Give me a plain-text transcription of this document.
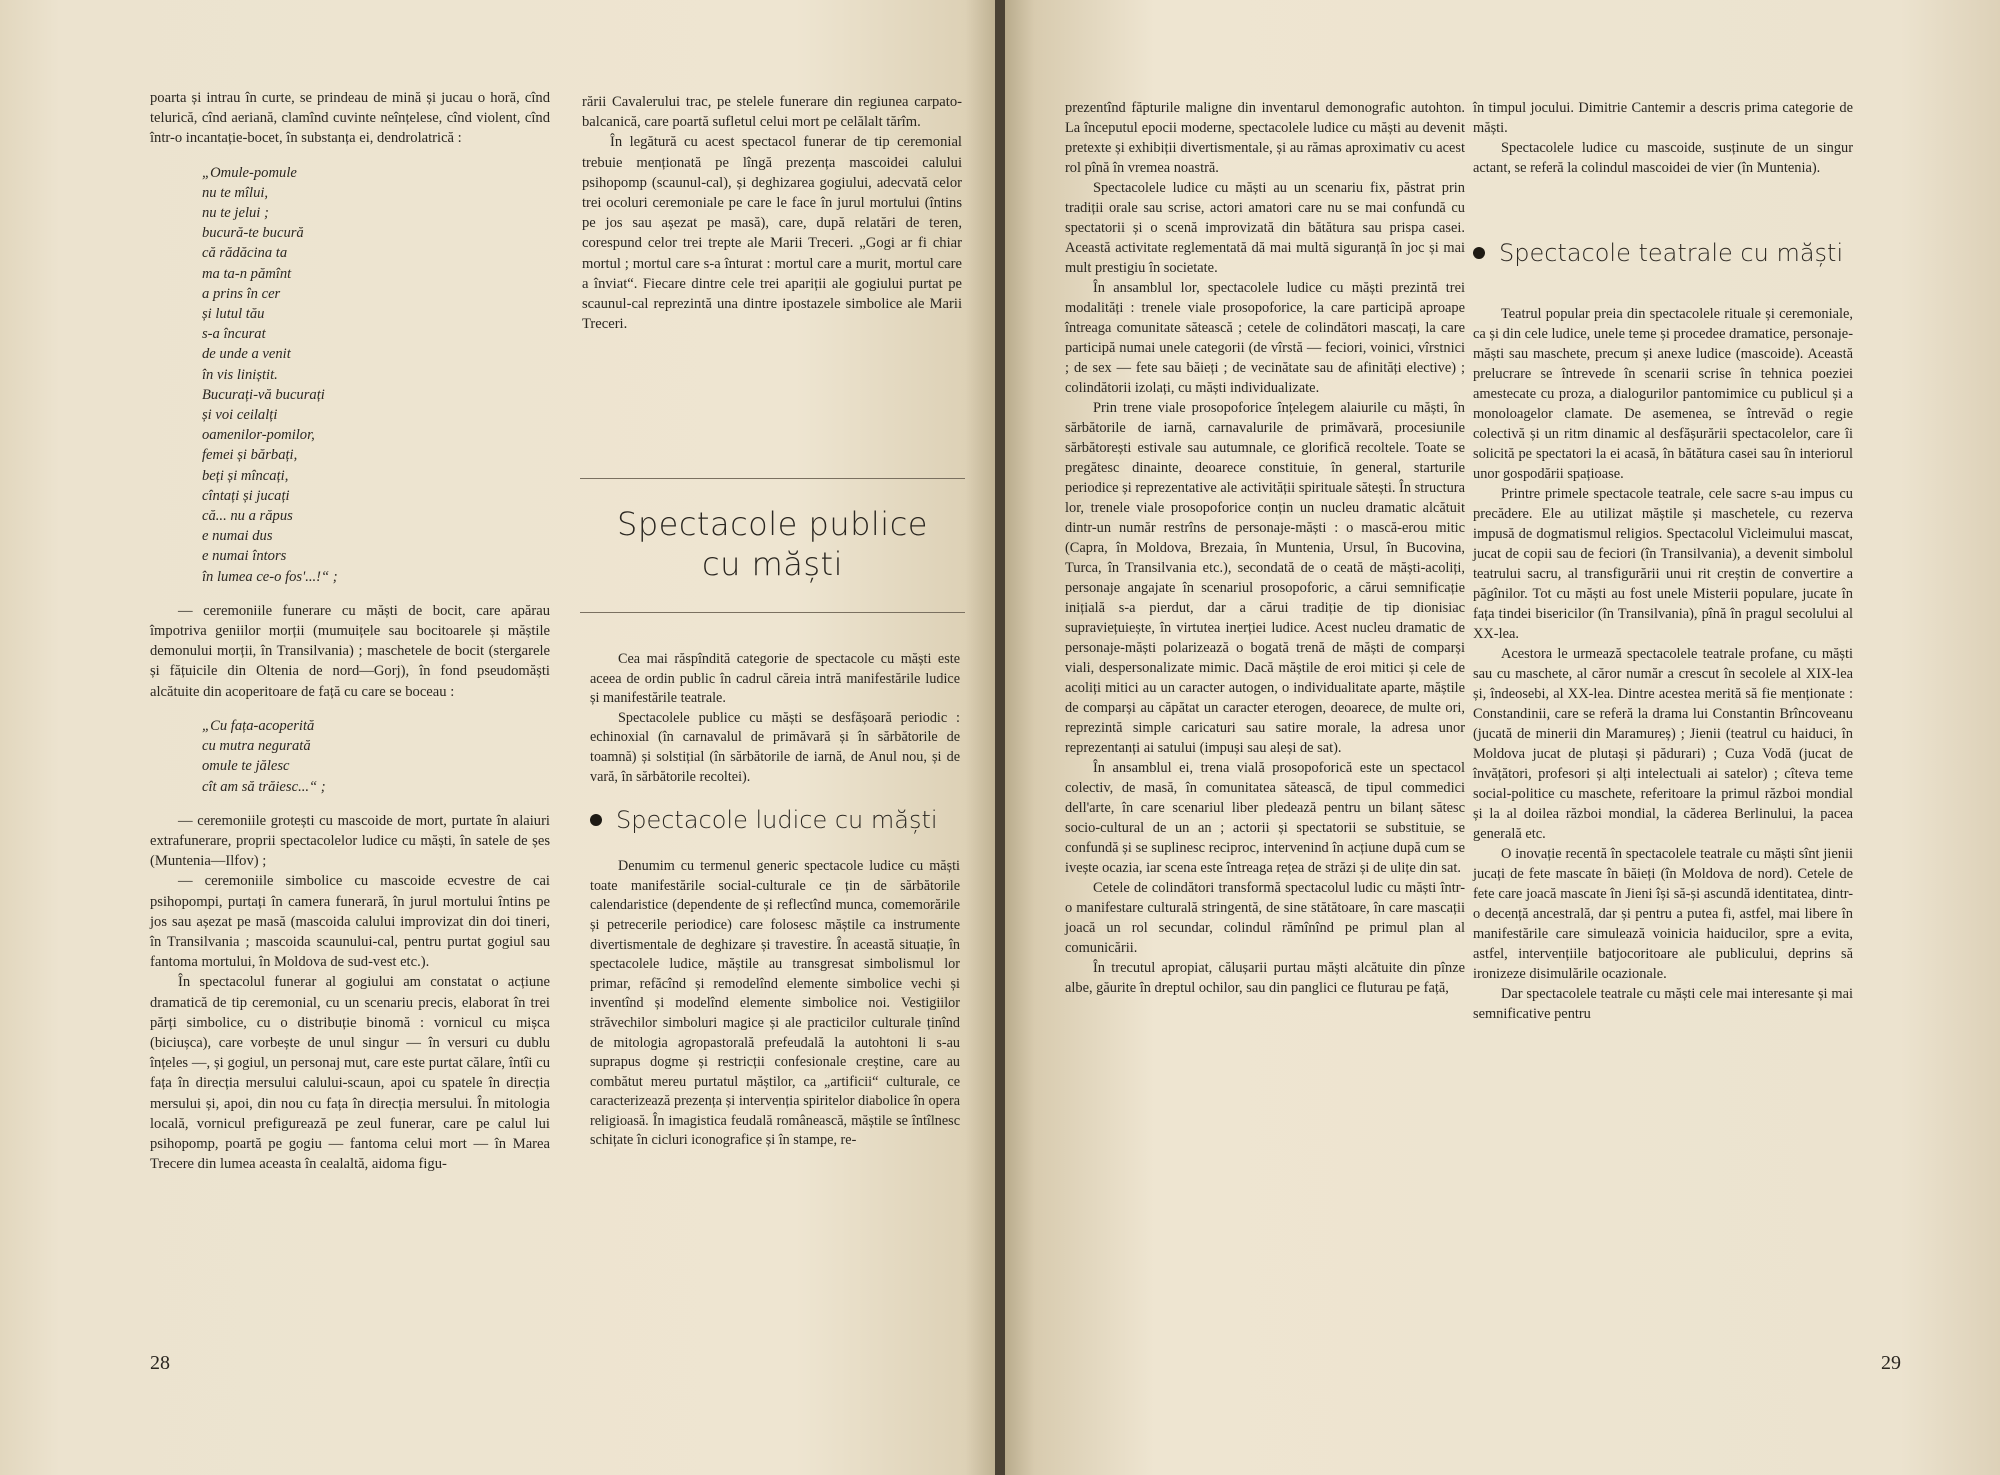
poarta și intrau în curte, se prindeau de mină și jucau o horă, cînd telurică, cînd aeriană, clamînd cuvinte neînțelese, cînd violent, cînd într-o incantație-bocet, în substanța ei, dendrolatrică :

„Omule-pomule
nu te mîlui,
nu te jelui ;
bucură-te bucură
că rădăcina ta
ma ta-n pămînt
a prins în cer
și lutul tău
s-a încurat
de unde a venit
în vis liniștit.
Bucurați-vă bucurați
și voi ceilalți
oamenilor-pomilor,
femei și bărbați,
beți și mîncați,
cîntați și jucați
că... nu a răpus
e numai dus
e numai întors
în lumea ce-o fos'...!“ ;

— ceremoniile funerare cu măști de bocit, care apărau împotriva geniilor morții (mumuițele sau bocitoarele și măștile demonului morții, în Transilvania) ; maschetele de bocit (stergarele și fățuicile din Oltenia de nord—Gorj), în fond pseudomăști alcătuite din acoperitoare de față cu care se boceau :

„Cu fața-acoperită
cu mutra negurată
omule te jălesc
cît am să trăiesc...“ ;

— ceremoniile grotești cu mascoide de mort, purtate în alaiuri extrafunerare, proprii spectacolelor ludice cu măști, în satele de șes (Muntenia—Ilfov) ;

— ceremoniile simbolice cu mascoide ecvestre de cai psihopompi, purtați în camera funerară, în jurul mortului întins pe jos sau așezat pe masă (mascoida calului improvizat din doi tineri, în Transilvania ; mascoida scaunului-cal, pentru purtat gogiul sau fantoma mortului, în Moldova de sud-vest etc.).

În spectacolul funerar al gogiului am constatat o acțiune dramatică de tip ceremonial, cu un scenariu precis, elaborat în trei părți simbolice, cu o distribuție binomă : vornicul cu mișca (biciușca), care vorbește de unul singur — în versuri cu dublu înțeles —, și gogiul, un personaj mut, care este purtat călare, întîi cu fața în direcția mersului calului-scaun, apoi cu spatele în direcția mersului și, apoi, din nou cu fața în direcția mersului. În mitologia locală, vornicul prefigurează pe zeul funerar, care pe calul lui psihopomp, poartă pe gogiu — fantoma celui mort — în Marea Trecere din lumea aceasta în cealaltă, aidoma figu-

rării Cavalerului trac, pe stelele funerare din regiunea carpato-balcanică, care poartă sufletul celui mort pe celălalt tărîm.

În legătură cu acest spectacol funerar de tip ceremonial trebuie menționată pe lîngă prezența mascoidei calului psihopomp (scaunul-cal), și deghizarea gogiului, adecvată celor trei ocoluri ceremoniale pe care le face în jurul mortului (întins pe jos sau așezat pe masă), care, după relatări de teren, corespund celor trei trepte ale Marii Treceri. „Gogi ar fi chiar mortul ; mortul care s-a înturat : mortul care a murit, mortul care a înviat“. Fiecare dintre cele trei apariții ale gogiului purtat pe scaunul-cal reprezintă una dintre ipostazele simbolice ale Marii Treceri.

Spectacole publice
cu măști

Cea mai răspîndită categorie de spectacole cu măști este aceea de ordin public în cadrul căreia intră manifestările ludice și manifestările teatrale.

Spectacolele publice cu măști se desfășoară periodic : echinoxial (în carnavalul de primăvară și în sărbătorile de toamnă) și solstițial (în sărbătorile de iarnă, de Anul nou, și de vară, în sărbătorile recoltei).

Spectacole ludice cu măști

Denumim cu termenul generic spectacole ludice cu măști toate manifestările social-culturale ce țin de sărbătorile calendaristice (dependente de și reflectînd munca, comemorările și petrecerile periodice) care folosesc măștile ca instrumente divertismentale de deghizare și travestire. În această situație, în spectacolele ludice, măștile au transgresat simbolismul lor primar, refăcînd și remodelînd elemente simbolice vechi și inventînd și modelînd elemente simbolice noi. Vestigiilor străvechilor simboluri magice și ale practicilor culturale ținînd de mitologia agropastorală prefeudală la autohtoni li s-au suprapus dogme și restricții confesionale creștine, care au combătut mereu purtatul măștilor, ca „artificii“ culturale, ce caracterizează prezența și intervenția spiritelor diabolice în opera religioasă. În imagistica feudală românească, măștile se întîlnesc schițate în cicluri iconografice și în stampe, re-

28

prezentînd făpturile maligne din inventarul demonografic autohton. La începutul epocii moderne, spectacolele ludice cu măști au devenit pretexte și exhibiții divertismentale, și au rămas aproximativ cu acest rol pînă în vremea noastră.

Spectacolele ludice cu măști au un scenariu fix, păstrat prin tradiții orale sau scrise, actori amatori care nu se mai confundă cu spectatorii și o scenă improvizată din bătătura sau prispa casei. Această activitate reglementată dă mai multă siguranță în joc și mai mult prestigiu în societate.

În ansamblul lor, spectacolele ludice cu măști prezintă trei modalități : trenele viale prosopoforice, la care participă aproape întreaga comunitate sătească ; cetele de colindători mascați, la care participă numai unele categorii (de vîrstă — feciori, voinici, vîrstnici ; de sex — fete sau băieți ; de vecinătate sau de afinități elective) ; colindătorii izolați, cu măști individualizate.

Prin trene viale prosopoforice înțelegem alaiurile cu măști, în sărbătorile de iarnă, carnavalurile de primăvară, procesiunile sărbătorești estivale sau autumnale, ce glorifică recoltele. Toate se pregătesc dinainte, deoarece constituie, în general, starturile periodice și reprezentative ale activității spirituale sătești. În structura lor, trenele viale prosopoforice conțin un nucleu dramatic alcătuit dintr-un număr restrîns de personaje-măști : o mască-erou mitic (Capra, în Moldova, Brezaia, în Muntenia, Ursul, în Bucovina, Turca, în Transilvania etc.), secondată de o ceată de măști-acoliți, personaje angajate în scenariul prosopoforic, a cărui semnificație inițială s-a pierdut, dar a cărui tradiție de tip dionisiac supraviețuiește, în virtutea inerției ludice. Acest nucleu dramatic de personaje-măști polarizează o bogată trenă de măști de comparși viali, despersonalizate mimic. Dacă măștile de eroi mitici și cele de acoliți mitici au un caracter autogen, o individualitate aparte, măștile de comparși au căpătat un caracter eterogen, deoarece, de multe ori, reprezintă simple caricaturi sau satire morale, la adresa unor reprezentanți ai satului (impuși sau aleși de sat).

În ansamblul ei, trena vială prosopoforică este un spectacol colectiv, de masă, în comunitatea sătească, de tipul commedici dell'arte, în care scenariul liber pledează pentru un bilanț sătesc socio-cultural de un an ; actorii și spectatorii se substituie, se confundă și se suplinesc reciproc, intervenind în acțiune după cum se ivește ocazia, iar scena este întreaga rețea de străzi și de ulițe din sat.

Cetele de colindători transformă spectacolul ludic cu măști într-o manifestare culturală stringentă, de sine stătătoare, în care mascații joacă un rol secundar, colindul rămînînd pe primul plan al comunicării.

În trecutul apropiat, călușarii purtau măști alcătuite din pînze albe, găurite în dreptul ochilor, sau din panglici ce fluturau pe față,

în timpul jocului. Dimitrie Cantemir a descris prima categorie de măști.

Spectacolele ludice cu mascoide, susținute de un singur actant, se referă la colindul mascoidei de vier (în Muntenia).

Spectacole teatrale cu măști

Teatrul popular preia din spectacolele rituale și ceremoniale, ca și din cele ludice, unele teme și procedee dramatice, personaje-măști sau maschete, precum și anexe ludice (mascoide). Această prelucrare se întrevede în scenarii scrise în tehnica poeziei amestecate cu proza, a dialogurilor pantomimice cu publicul și a monoloagelor clamate. De asemenea, se întrevăd o regie colectivă și un ritm dinamic al desfășurării spectacolelor, care îi solicită pe spectatori la ei acasă, în bătătura casei sau în interiorul unor gospodării spațioase.

Printre primele spectacole teatrale, cele sacre s-au impus cu precădere. Ele au utilizat măștile și maschetele, cu rezerva impusă de dogmatismul religios. Spectacolul Vicleimului mascat, jucat de copii sau de feciori (în Transilvania), a devenit simbolul teatrului sacru, al transfigurării unui rit creștin de convertire a păgînilor. Tot cu măști au fost unele Misterii populare, jucate în fața tindei bisericilor (în Transilvania), pînă în pragul secolului al XX-lea.

Acestora le urmează spectacolele teatrale profane, cu măști sau cu maschete, al căror număr a crescut în secolele al XIX-lea și, îndeosebi, al XX-lea. Dintre acestea merită să fie menționate : Constandinii, care se referă la drama lui Constantin Brîncoveanu (jucată de minerii din Maramureș) ; Jienii (teatrul cu haiduci, în Moldova jucat de plutași și pădurari) ; Cuza Vodă (jucat de învățători, profesori și alți intelectuali ai satelor) ; cîteva teme social-politice cu maschete, referitoare la primul război mondial și la al doilea război mondial, la căderea Berlinului, la pacea generală etc.

O inovație recentă în spectacolele teatrale cu măști sînt jienii jucați de fete mascate în băieți (în Moldova de nord). Cetele de fete care joacă mascate în Jieni își să-și ascundă identitatea, dintr-o decență ancestrală, dar și pentru a putea fi, astfel, mai libere în manifestările care simulează voinicia haiducilor, spre a evita, astfel, intervențiile batjocoritoare ale publicului, deprins să ironizeze disimulările ocazionale.

Dar spectacolele teatrale cu măști cele mai interesante și mai semnificative pentru

29
